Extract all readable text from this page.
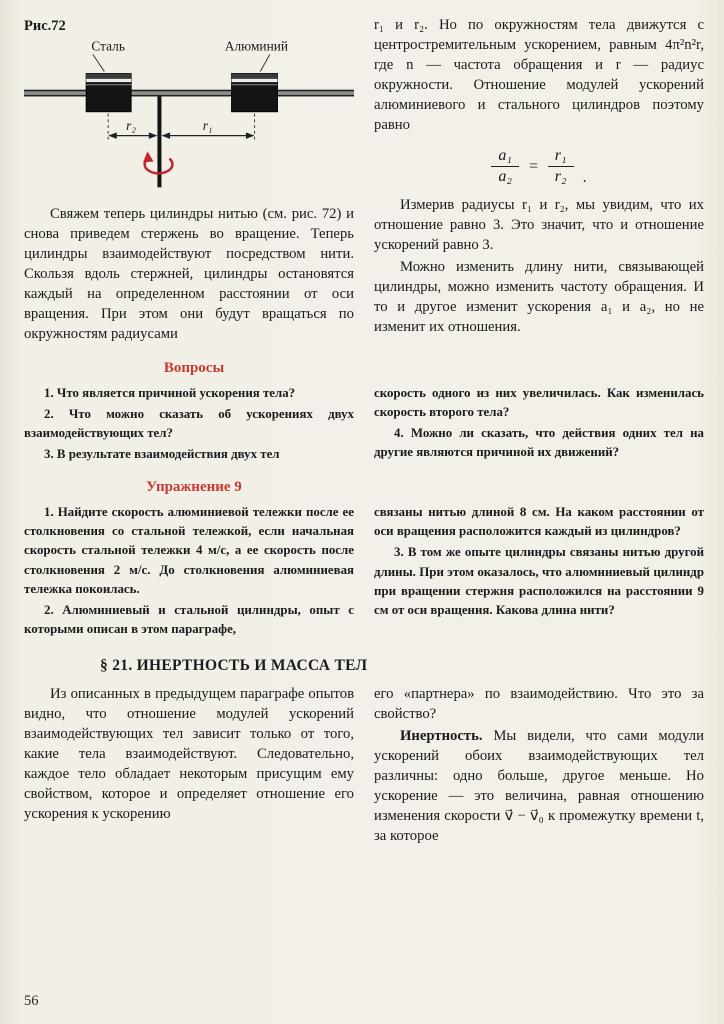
Рис.72
Сталь	Алюминий
r₂	r₁

Свяжем теперь цилиндры нитью (см. рис. 72) и снова приведем стержень во вращение. Теперь цилиндры взаимодействуют посредством нити. Скользя вдоль стержней, цилиндры остановятся каждый на определенном расстоянии от оси вращения. При этом они будут вращаться по окружностям радиусами

r₁ и r₂. Но по окружностям тела движутся с центростремительным ускорением, равным 4π²n²r, где n — частота обращения и r — радиус окружности. Отношение модулей ускорений алюминиевого и стального цилиндров поэтому равно

$\frac{\text{a₁}}{\text{a₂}} = \frac{\text{r₁}}{\text{r₂}}$ .

Измерив радиусы r₁ и r₂, мы увидим, что их отношение равно 3. Это значит, что и отношение ускорений равно 3.

Можно изменить длину нити, связывающей цилиндры, можно изменить частоту обращения. И то и другое изменит ускорения a₁ и a₂, но не изменит их отношения.

Вопросы

1. Что является причиной ускорения тела?

2. Что можно сказать об ускорениях двух взаимодействующих тел?

3. В результате взаимодействия двух тел

скорость одного из них увеличилась. Как изменилась скорость второго тела?

4. Можно ли сказать, что действия одних тел на другие являются причиной их движений?

Упражнение 9

1. Найдите скорость алюминиевой тележки после ее столкновения со стальной тележкой, если начальная скорость стальной тележки 4 м/с, а ее скорость после столкновения 2 м/с. До столкновения алюминиевая тележка покоилась.

2. Алюминиевый и стальной цилиндры, опыт с которыми описан в этом параграфе,

связаны нитью длиной 8 см. На каком расстоянии от оси вращения расположится каждый из цилиндров?

3. В том же опыте цилиндры связаны нитью другой длины. При этом оказалось, что алюминиевый цилиндр при вращении стержня расположился на расстоянии 9 см от оси вращения. Какова длина нити?

§ 21. ИНЕРТНОСТЬ И МАССА ТЕЛ

Из описанных в предыдущем параграфе опытов видно, что отношение модулей ускорений взаимодействующих тел зависит только от того, какие тела взаимодействуют. Следовательно, каждое тело обладает некоторым присущим ему свойством, которое и определяет отношение его ускорения к ускорению

его «партнера» по взаимодействию. Что это за свойство?

Инертность. Мы видели, что сами модули ускорений обоих взаимодействующих тел различны: одно больше, другое меньше. Но ускорение — это величина, равная отношению изменения скорости v⃗ − v⃗₀ к промежутку времени t, за которое

56
